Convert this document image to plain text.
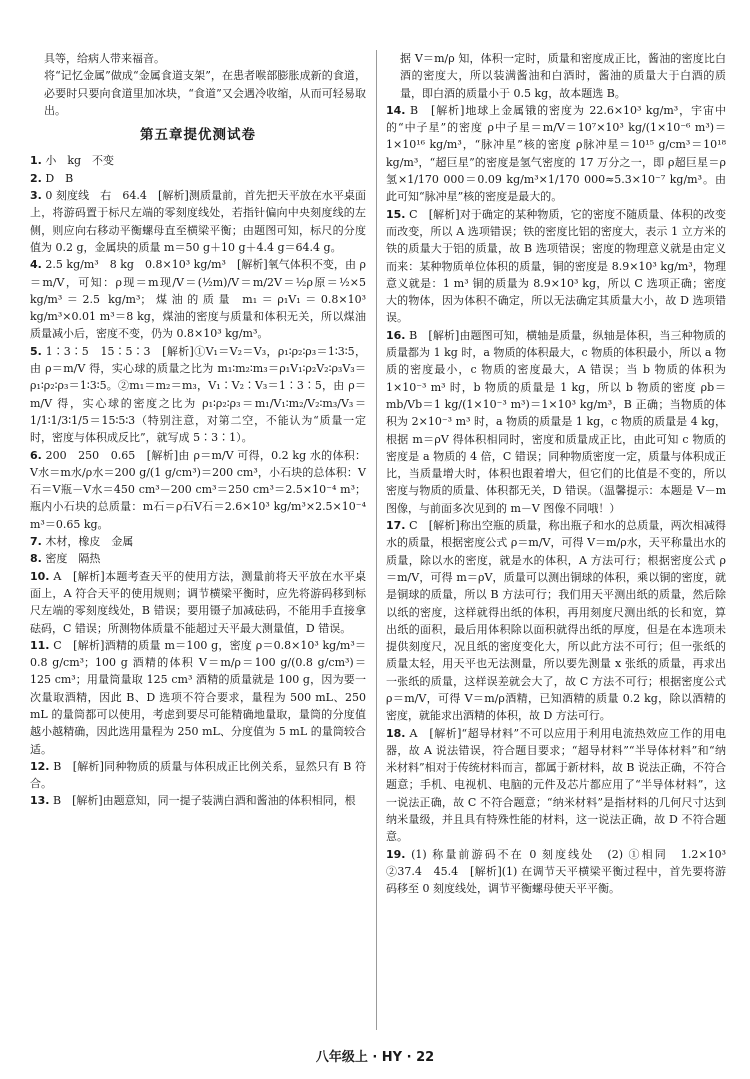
具等，给病人带来福音。

将“记忆金属”做成“金属食道支架”，在患者喉部膨胀成新的食道，必要时只要向食道里加冰块，“食道”又会遇冷收缩，从而可轻易取出。

第五章提优测试卷

1. 小　kg　不变

2. D　B

3. 0 刻度线　右　64.4　[解析]测质量前，首先把天平放在水平桌面上，将游码置于标尺左端的零刻度线处，若指针偏向中央刻度线的左侧，则应向右移动平衡螺母直至横梁平衡；由题图可知，标尺的分度值为 0.2 g，金属块的质量 m＝50 g＋10 g＋4.4 g＝64.4 g。

4. 2.5 kg/m³　8 kg　0.8×10³ kg/m³　[解析]氧气体积不变，由 ρ＝m/V，可知：ρ现＝m现/V＝(½m)/V＝m/2V＝½ρ原＝½×5 kg/m³＝2.5 kg/m³；煤油的质量 m₁＝ρ₁V₁＝0.8×10³ kg/m³×0.01 m³＝8 kg，煤油的密度与质量和体积无关，所以煤油质量减小后，密度不变，仍为 0.8×10³ kg/m³。

5. 1∶3∶5　15∶5∶3　[解析]①V₁＝V₂＝V₃，ρ₁∶ρ₂∶ρ₃＝1∶3∶5，由 ρ＝m/V 得，实心球的质量之比为 m₁∶m₂∶m₃＝ρ₁V₁∶ρ₂V₂∶ρ₃V₃＝ρ₁∶ρ₂∶ρ₃＝1∶3∶5。②m₁＝m₂＝m₃，V₁∶V₂∶V₃＝1∶3∶5，由 ρ＝m/V 得，实心球的密度之比为 ρ₁∶ρ₂∶ρ₃＝m₁/V₁∶m₂/V₂∶m₃/V₃＝1/1∶1/3∶1/5＝15∶5∶3（特别注意，对第二空，不能认为“质量一定时，密度与体积成反比”，就写成 5∶3∶1）。

6. 200　250　0.65　[解析]由 ρ＝m/V 可得，0.2 kg 水的体积：V水＝m水/ρ水＝200 g/(1 g/cm³)＝200 cm³，小石块的总体积：V石＝V瓶－V水＝450 cm³－200 cm³＝250 cm³＝2.5×10⁻⁴ m³；瓶内小石块的总质量：m石＝ρ石V石＝2.6×10³ kg/m³×2.5×10⁻⁴ m³＝0.65 kg。

7. 木材，橡皮　金属

8. 密度　隔热

10. A　[解析]本题考查天平的使用方法，测量前将天平放在水平桌面上，A 符合天平的使用规则；调节横梁平衡时，应先将游码移到标尺左端的零刻度线处，B 错误；要用镊子加减砝码，不能用手直接拿砝码，C 错误；所测物体质量不能超过天平最大测量值，D 错误。

11. C　[解析]酒精的质量 m＝100 g，密度 ρ＝0.8×10³ kg/m³＝0.8 g/cm³；100 g 酒精的体积 V＝m/ρ＝100 g/(0.8 g/cm³)＝125 cm³；用量筒量取 125 cm³ 酒精的质量就是 100 g，因为要一次量取酒精，因此 B、D 选项不符合要求，量程为 500 mL、250 mL 的量筒都可以使用，考虑到要尽可能精确地量取，量筒的分度值越小越精确，因此选用量程为 250 mL、分度值为 5 mL 的量筒较合适。

12. B　[解析]同种物质的质量与体积成正比例关系，显然只有 B 符合。

13. B　[解析]由题意知，同一提子装满白酒和酱油的体积相同，根

据 V＝m/ρ 知，体积一定时，质量和密度成正比，酱油的密度比白酒的密度大，所以装满酱油和白酒时，酱油的质量大于白酒的质量，即白酒的质量小于 0.5 kg，故本题选 B。

14. B　[解析]地球上金属锇的密度为 22.6×10³ kg/m³，宇宙中的“中子星”的密度 ρ中子星＝m/V＝10⁷×10³ kg/(1×10⁻⁶ m³)＝1×10¹⁶ kg/m³，“脉冲星”核的密度 ρ脉冲星＝10¹⁵ g/cm³＝10¹⁸ kg/m³，“超巨星”的密度是氢气密度的 17 万分之一，即 ρ超巨星＝ρ氢×1/170 000＝0.09 kg/m³×1/170 000≈5.3×10⁻⁷ kg/m³。由此可知“脉冲星”核的密度是最大的。

15. C　[解析]对于确定的某种物质，它的密度不随质量、体积的改变而改变，所以 A 选项错误；铁的密度比铝的密度大，表示 1 立方米的铁的质量大于铝的质量，故 B 选项错误；密度的物理意义就是由定义而来：某种物质单位体积的质量，铜的密度是 8.9×10³ kg/m³，物理意义就是：1 m³ 铜的质量为 8.9×10³ kg，所以 C 选项正确；密度大的物体，因为体积不确定，所以无法确定其质量大小，故 D 选项错误。

16. B　[解析]由题图可知，横轴是质量，纵轴是体积，当三种物质的质量都为 1 kg 时，a 物质的体积最大，c 物质的体积最小，所以 a 物质的密度最小，c 物质的密度最大，A 错误；当 b 物质的体积为 1×10⁻³ m³ 时，b 物质的质量是 1 kg，所以 b 物质的密度 ρb＝mb/Vb＝1 kg/(1×10⁻³ m³)＝1×10³ kg/m³，B 正确；当物质的体积为 2×10⁻³ m³ 时，a 物质的质量是 1 kg，c 物质的质量是 4 kg，根据 m＝ρV 得体积相同时，密度和质量成正比，由此可知 c 物质的密度是 a 物质的 4 倍，C 错误；同种物质密度一定，质量与体积成正比，当质量增大时，体积也跟着增大，但它们的比值是不变的，所以密度与物质的质量、体积都无关，D 错误。（温馨提示：本题是 V－m 图像，与前面多次见到的 m－V 图像不同哦！）

17. C　[解析]称出空瓶的质量，称出瓶子和水的总质量，两次相减得水的质量，根据密度公式 ρ＝m/V，可得 V＝m/ρ水，天平称量出水的质量，除以水的密度，就是水的体积，A 方法可行；根据密度公式 ρ＝m/V，可得 m＝ρV，质量可以测出铜球的体积，乘以铜的密度，就是铜球的质量，所以 B 方法可行；我们用天平测出纸的质量，然后除以纸的密度，这样就得出纸的体积，再用刻度尺测出纸的长和宽，算出纸的面积，最后用体积除以面积就得出纸的厚度，但是在本选项未提供刻度尺，况且纸的密度变化大，所以此方法不可行；但一张纸的质量太轻，用天平也无法测量，所以要先测量 x 张纸的质量，再求出一张纸的质量，这样误差就会大了，故 C 方法不可行；根据密度公式 ρ＝m/V，可得 V＝m/ρ酒精，已知酒精的质量 0.2 kg，除以酒精的密度，就能求出酒精的体积，故 D 方法可行。

18. A　[解析]“超导材料”不可以应用于利用电流热效应工作的用电器，故 A 说法错误，符合题目要求；“超导材料”“半导体材料”和“纳米材料”相对于传统材料而言，都属于新材料，故 B 说法正确，不符合题意；手机、电视机、电脑的元件及芯片都应用了“半导体材料”，这一说法正确，故 C 不符合题意；“纳米材料”是指材料的几何尺寸达到纳米量级，并且具有特殊性能的材料，这一说法正确，故 D 不符合题意。

19. (1) 称量前游码不在 0 刻度线处　(2) ①相同　1.2×10³　②37.4　45.4　[解析](1) 在调节天平横梁平衡过程中，首先要将游码移至 0 刻度线处，调节平衡螺母使天平平衡。

八年级上 · HY · 22
